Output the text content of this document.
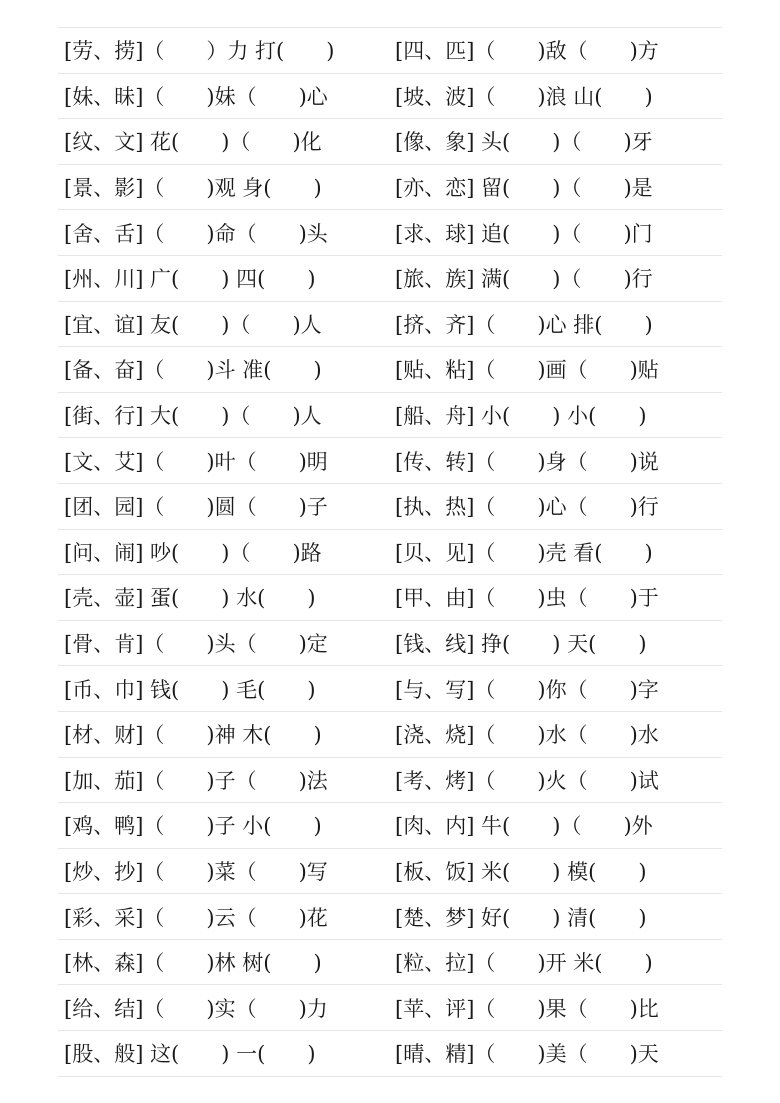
[劳、捞]（　　）力 打(　　)	[四、匹]（　　)敌（　　)方
[妹、昧]（　　)妹（　　)心	[坡、波]（　　)浪 山(　　)
[纹、文] 花(　　)（　　)化	[像、象] 头(　　)（　　)牙
[景、影]（　　)观 身(　　)	[亦、恋] 留(　　)（　　)是
[舍、舌]（　　)命（　　)头	[求、球] 追(　　)（　　)门
[州、川] 广(　　) 四(　　)	[旅、族] 满(　　)（　　)行
[宜、谊] 友(　　)（　　)人	[挤、齐]（　　)心 排(　　)
[备、奋]（　　)斗 准(　　)	[贴、粘]（　　)画（　　)贴
[街、行] 大(　　)（　　)人	[船、舟] 小(　　) 小(　　)
[文、艾]（　　)叶（　　)明	[传、转]（　　)身（　　)说
[团、园]（　　)圆（　　)子	[执、热]（　　)心（　　)行
[问、闹] 吵(　　)（　　)路	[贝、见]（　　)壳 看(　　)
[壳、壶] 蛋(　　) 水(　　)	[甲、由]（　　)虫（　　)于
[骨、肯]（　　)头（　　)定	[钱、线] 挣(　　) 天(　　)
[币、巾] 钱(　　) 毛(　　)	[与、写]（　　)你（　　)字
[材、财]（　　)神 木(　　)	[浇、烧]（　　)水（　　)水
[加、茄]（　　)子（　　)法	[考、烤]（　　)火（　　)试
[鸡、鸭]（　　)子 小(　　)	[肉、内] 牛(　　)（　　)外
[炒、抄]（　　)菜（　　)写	[板、饭] 米(　　) 模(　　)
[彩、采]（　　)云（　　)花	[楚、梦] 好(　　) 清(　　)
[林、森]（　　)林 树(　　)	[粒、拉]（　　)开 米(　　)
[给、结]（　　)实（　　)力	[苹、评]（　　)果（　　)比
[股、般] 这(　　) 一(　　)	[晴、精]（　　)美（　　)天
